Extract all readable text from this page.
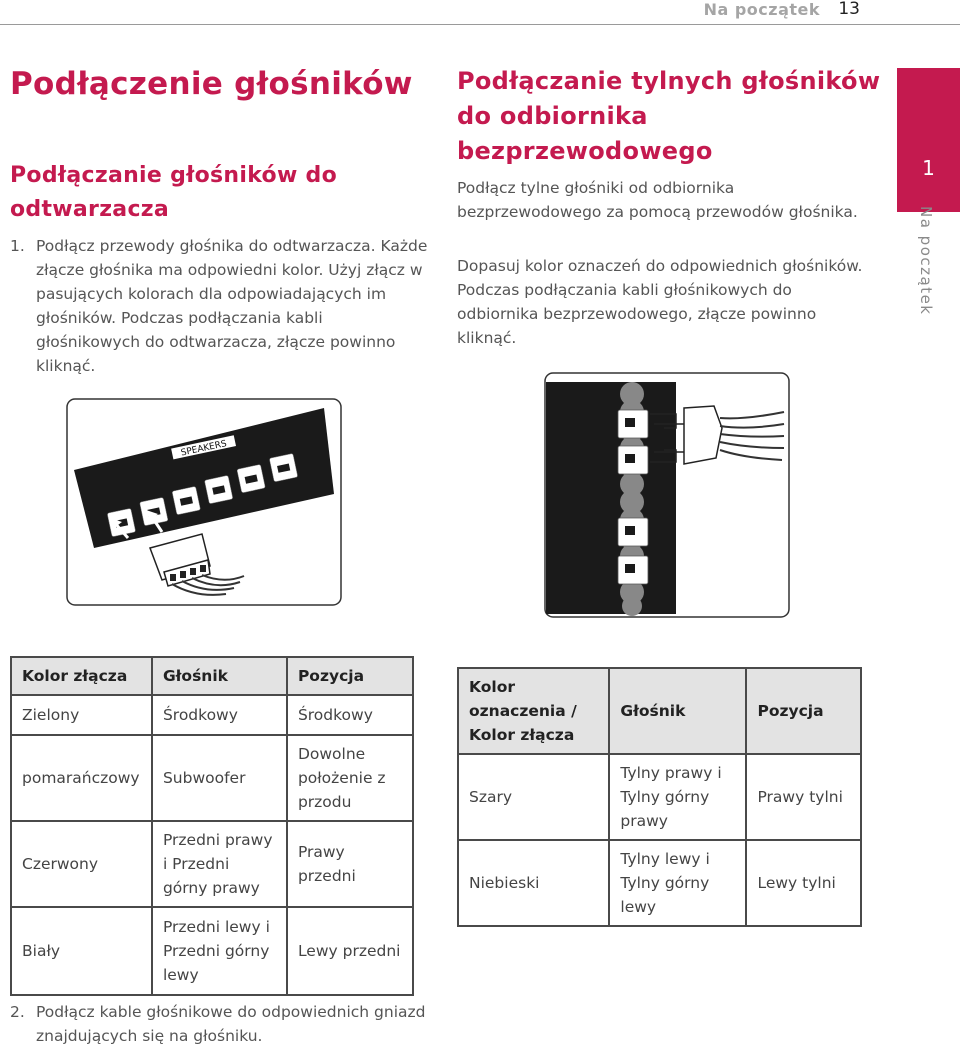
Na początek 13
1
Na początek
Podłączenie głośników
Podłączanie głośników do odtwarzacza
1. Podłącz przewody głośnika do odtwarzacza. Każde złącze głośnika ma odpowiedni kolor. Użyj złącz w pasujących kolorach dla odpowiadających im głośników. Podczas podłączania kabli głośnikowych do odtwarzacza, złącze powinno kliknąć.
Podłączanie tylnych głośników do odbiornika bezprzewodowego
Podłącz tylne głośniki od odbiornika bezprzewodowego za pomocą przewodów głośnika.
Dopasuj kolor oznaczeń do odpowiednich głośników. Podczas podłączania kabli głośnikowych do odbiornika bezprzewodowego, złącze powinno kliknąć.
SPEAKERS
Kolor złącza	Głośnik	Pozycja
Zielony	Środkowy	Środkowy
pomarańczowy	Subwoofer	Dowolne położenie z przodu
Czerwony	Przedni prawy i Przedni górny prawy	Prawy przedni
Biały	Przedni lewy i Przedni górny lewy	Lewy przedni
Kolor oznaczenia / Kolor złącza	Głośnik	Pozycja
Szary	Tylny prawy i Tylny górny prawy	Prawy tylni
Niebieski	Tylny lewy i Tylny górny lewy	Lewy tylni
2. Podłącz kable głośnikowe do odpowiednich gniazd znajdujących się na głośniku.
